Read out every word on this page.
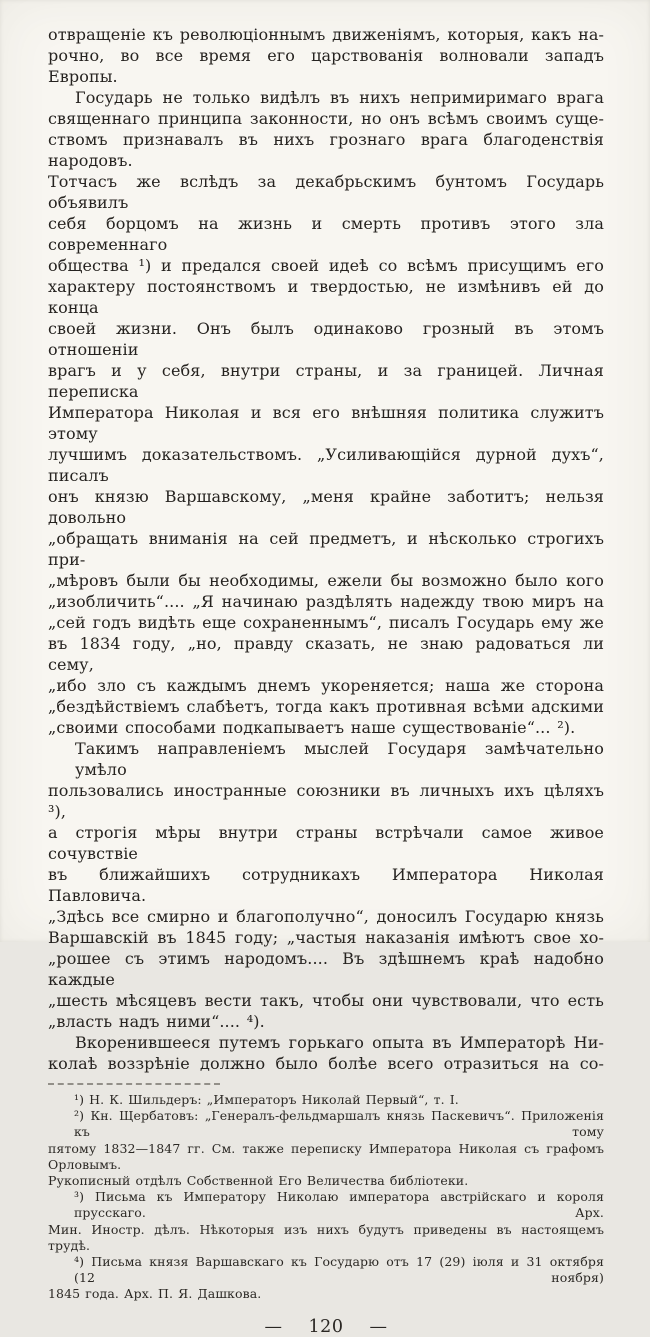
отвращеніе къ революціоннымъ движеніямъ, которыя, какъ на-
рочно, во все время его царствованія волновали западъ Европы.
Государь не только видѣлъ въ нихъ непримиримаго врага
священнаго принципа законности, но онъ всѣмъ своимъ суще-
ствомъ признавалъ въ нихъ грознаго врага благоденствія народовъ.
Тотчасъ же вслѣдъ за декабрьскимъ бунтомъ Государь объявилъ
себя борцомъ на жизнь и смерть противъ этого зла современнаго
общества ¹) и предался своей идеѣ со всѣмъ присущимъ его
характеру постоянствомъ и твердостью, не измѣнивъ ей до конца
своей жизни. Онъ былъ одинаково грозный въ этомъ отношеніи
врагъ и у себя, внутри страны, и за границей. Личная переписка
Императора Николая и вся его внѣшняя политика служитъ этому
лучшимъ доказательствомъ. „Усиливающійся дурной духъ“, писалъ
онъ князю Варшавскому, „меня крайне заботитъ; нельзя довольно
„обращать вниманія на сей предметъ, и нѣсколько строгихъ при-
„мѣровъ были бы необходимы, ежели бы возможно было кого
„изобличить“.... „Я начинаю раздѣлять надежду твою миръ на
„сей годъ видѣть еще сохраненнымъ“, писалъ Государь ему же
въ 1834 году, „но, правду сказать, не знаю радоваться ли сему,
„ибо зло съ каждымъ днемъ укореняется; наша же сторона
„бездѣйствіемъ слабѣетъ, тогда какъ противная всѣми адскими
„своими способами подкапываетъ наше существованіе“... ²).
Такимъ направленіемъ мыслей Государя замѣчательно умѣло
пользовались иностранные союзники въ личныхъ ихъ цѣляхъ ³),
а строгія мѣры внутри страны встрѣчали самое живое сочувствіе
въ ближайшихъ сотрудникахъ Императора Николая Павловича.
„Здѣсь все смирно и благополучно“, доносилъ Государю князь
Варшавскій въ 1845 году; „частыя наказанія имѣютъ свое хо-
„рошее съ этимъ народомъ.... Въ здѣшнемъ краѣ надобно каждые
„шесть мѣсяцевъ вести такъ, чтобы они чувствовали, что есть
„власть надъ ними“.... ⁴).
Вкоренившееся путемъ горькаго опыта въ Императорѣ Ни-
колаѣ воззрѣніе должно было болѣе всего отразиться на со-
¹) Н. К. Шильдеръ: „Императоръ Николай Первый“, т. I.
²) Кн. Щербатовъ: „Генералъ-фельдмаршалъ князь Паскевичъ“. Приложенія къ тому
пятому 1832—1847 гг. См. также переписку Императора Николая съ графомъ Орловымъ.
Рукописный отдѣлъ Собственной Его Величества библіотеки.
³) Письма къ Императору Николаю императора австрійскаго и короля прусскаго. Арх.
Мин. Иностр. дѣлъ. Нѣкоторыя изъ нихъ будутъ приведены въ настоящемъ трудѣ.
⁴) Письма князя Варшавскаго къ Государю отъ 17 (29) іюля и 31 октября (12 ноября)
1845 года. Арх. П. Я. Дашкова.
— 120 —
